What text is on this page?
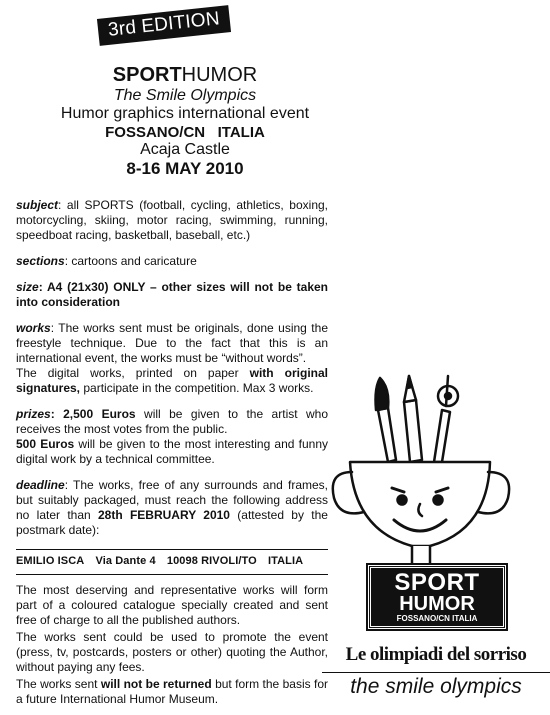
3rd EDITION
SPORTHUMOR
The Smile Olympics
Humor graphics international event
FOSSANO/CN   ITALIA
Acaja Castle
8-16 MAY 2010

subject: all SPORTS (football, cycling, athletics, boxing, motorcycling, skiing, motor racing, swimming, running, speedboat racing, basketball, baseball, etc.)

sections: cartoons and caricature

size: A4 (21x30) ONLY – other sizes will not be taken into consideration

works: The works sent must be originals, done using the freestyle technique. Due to the fact that this is an international event, the works must be “without words”.
The digital works, printed on paper with original signatures, participate in the competition. Max 3 works.

prizes: 2,500 Euros will be given to the artist who receives the most votes from the public.
500 Euros will be given to the most interesting and funny digital work by a technical committee.

deadline: The works, free of any surrounds and frames, but suitably packaged, must reach the following address no later than 28th FEBRUARY 2010 (attested by the postmark date):

EMILIO ISCA Via Dante 4 10098 RIVOLI/TO ITALIA

The most deserving and representative works will form part of a coloured catalogue specially created and sent free of charge to all the published authors.

The works sent could be used to promote the event (press, tv, postcards, posters or other) quoting the Author, without paying any fees.

The works sent will not be returned but form the basis for a future International Humor Museum.

SPORT
HUMOR
FOSSANO/CN ITALIA
Le olimpiadi del sorriso
the smile olympics
